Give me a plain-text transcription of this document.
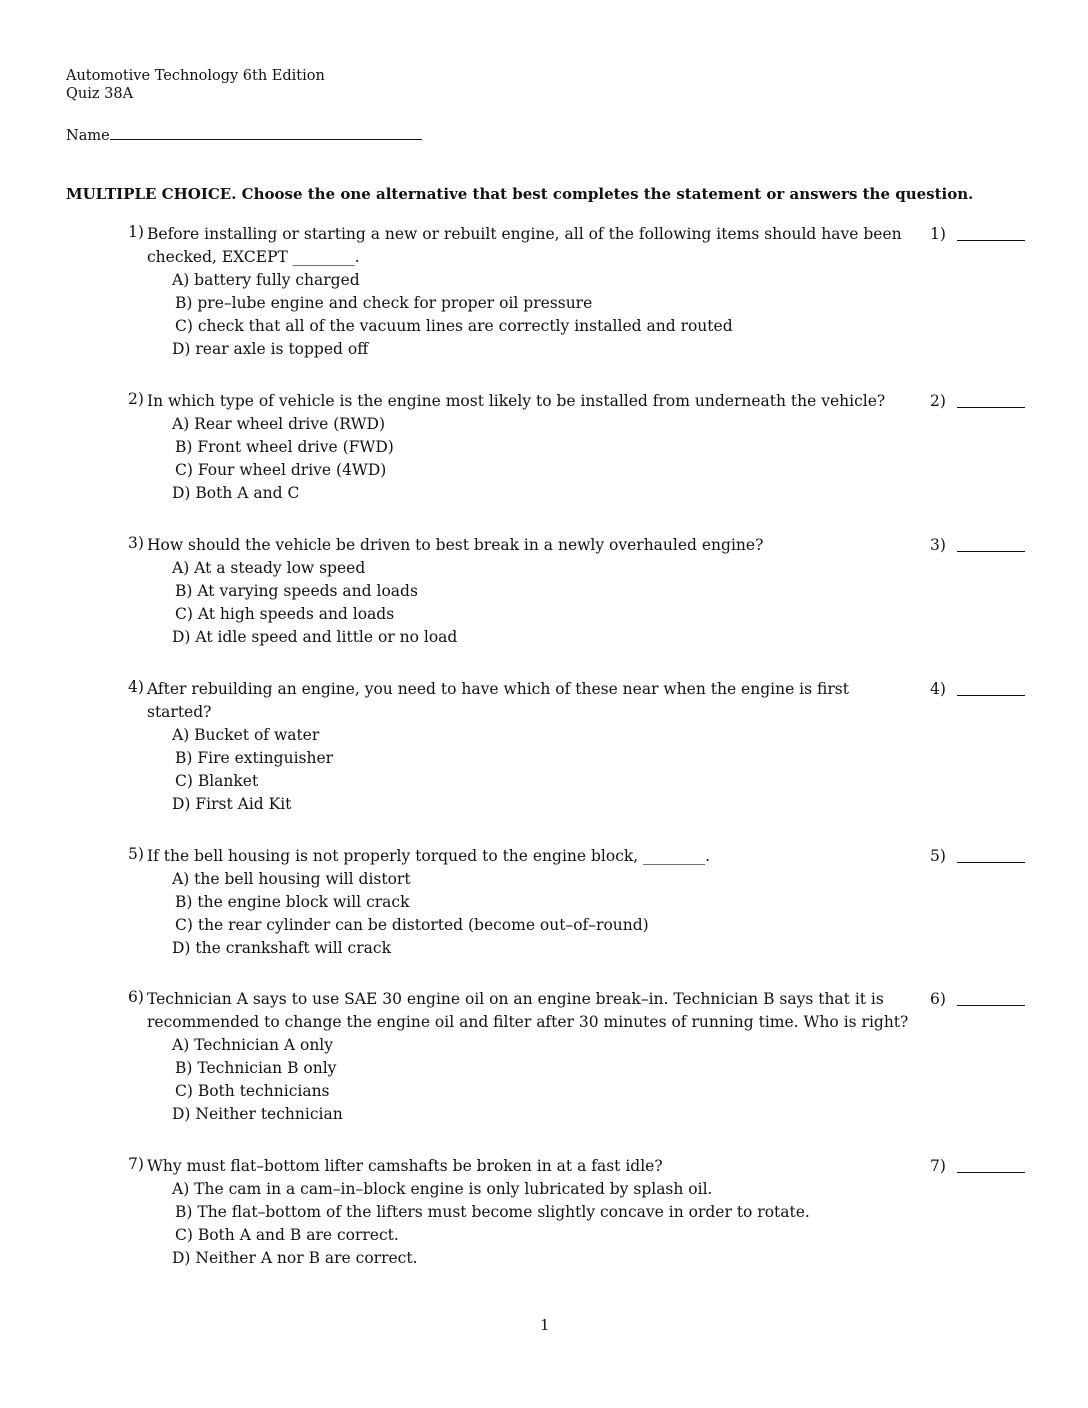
Automotive Technology 6th Edition
Quiz 38A
Name
MULTIPLE CHOICE. Choose the one alternative that best completes the statement or answers the question.
1) Before installing or starting a new or rebuilt engine, all of the following items should have been
checked, EXCEPT ________.
A) battery fully charged
B) pre–lube engine and check for proper oil pressure
C) check that all of the vacuum lines are correctly installed and routed
D) rear axle is topped off
1)
2) In which type of vehicle is the engine most likely to be installed from underneath the vehicle?
A) Rear wheel drive (RWD)
B) Front wheel drive (FWD)
C) Four wheel drive (4WD)
D) Both A and C
2)
3) How should the vehicle be driven to best break in a newly overhauled engine?
A) At a steady low speed
B) At varying speeds and loads
C) At high speeds and loads
D) At idle speed and little or no load
3)
4) After rebuilding an engine, you need to have which of these near when the engine is first
started?
A) Bucket of water
B) Fire extinguisher
C) Blanket
D) First Aid Kit
4)
5) If the bell housing is not properly torqued to the engine block, ________.
A) the bell housing will distort
B) the engine block will crack
C) the rear cylinder can be distorted (become out–of–round)
D) the crankshaft will crack
5)
6) Technician A says to use SAE 30 engine oil on an engine break–in. Technician B says that it is
recommended to change the engine oil and filter after 30 minutes of running time. Who is right?
A) Technician A only
B) Technician B only
C) Both technicians
D) Neither technician
6)
7) Why must flat–bottom lifter camshafts be broken in at a fast idle?
A) The cam in a cam–in–block engine is only lubricated by splash oil.
B) The flat–bottom of the lifters must become slightly concave in order to rotate.
C) Both A and B are correct.
D) Neither A nor B are correct.
7)
1
